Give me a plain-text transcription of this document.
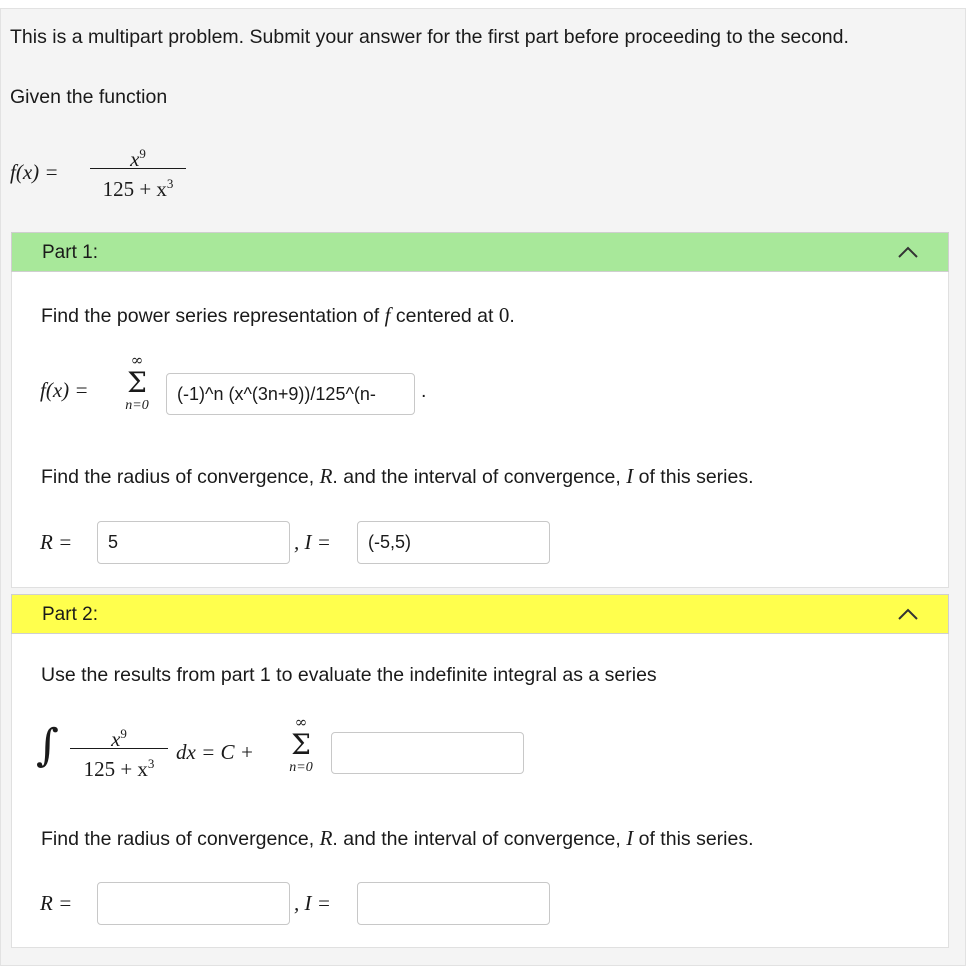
This is a multipart problem. Submit your answer for the first part before proceeding to the second.
Given the function
f(x) =
$x^9$
$125 + x^3$
Part 1:
Find the power series representation of f centered at 0.
f(x) =
∞
Σ
n=0
(-1)^n (x^(3n+9))/125^(n-	.
Find the radius of convergence, R. and the interval of convergence, I of this series.
R =	5	, I =	(-5,5)
Part 2:
Use the results from part 1 to evaluate the indefinite integral as a series
∫	$x^9$
$125 + x^3$	dx = C +
∞
Σ
n=0
Find the radius of convergence, R. and the interval of convergence, I of this series.
R =	, I =
